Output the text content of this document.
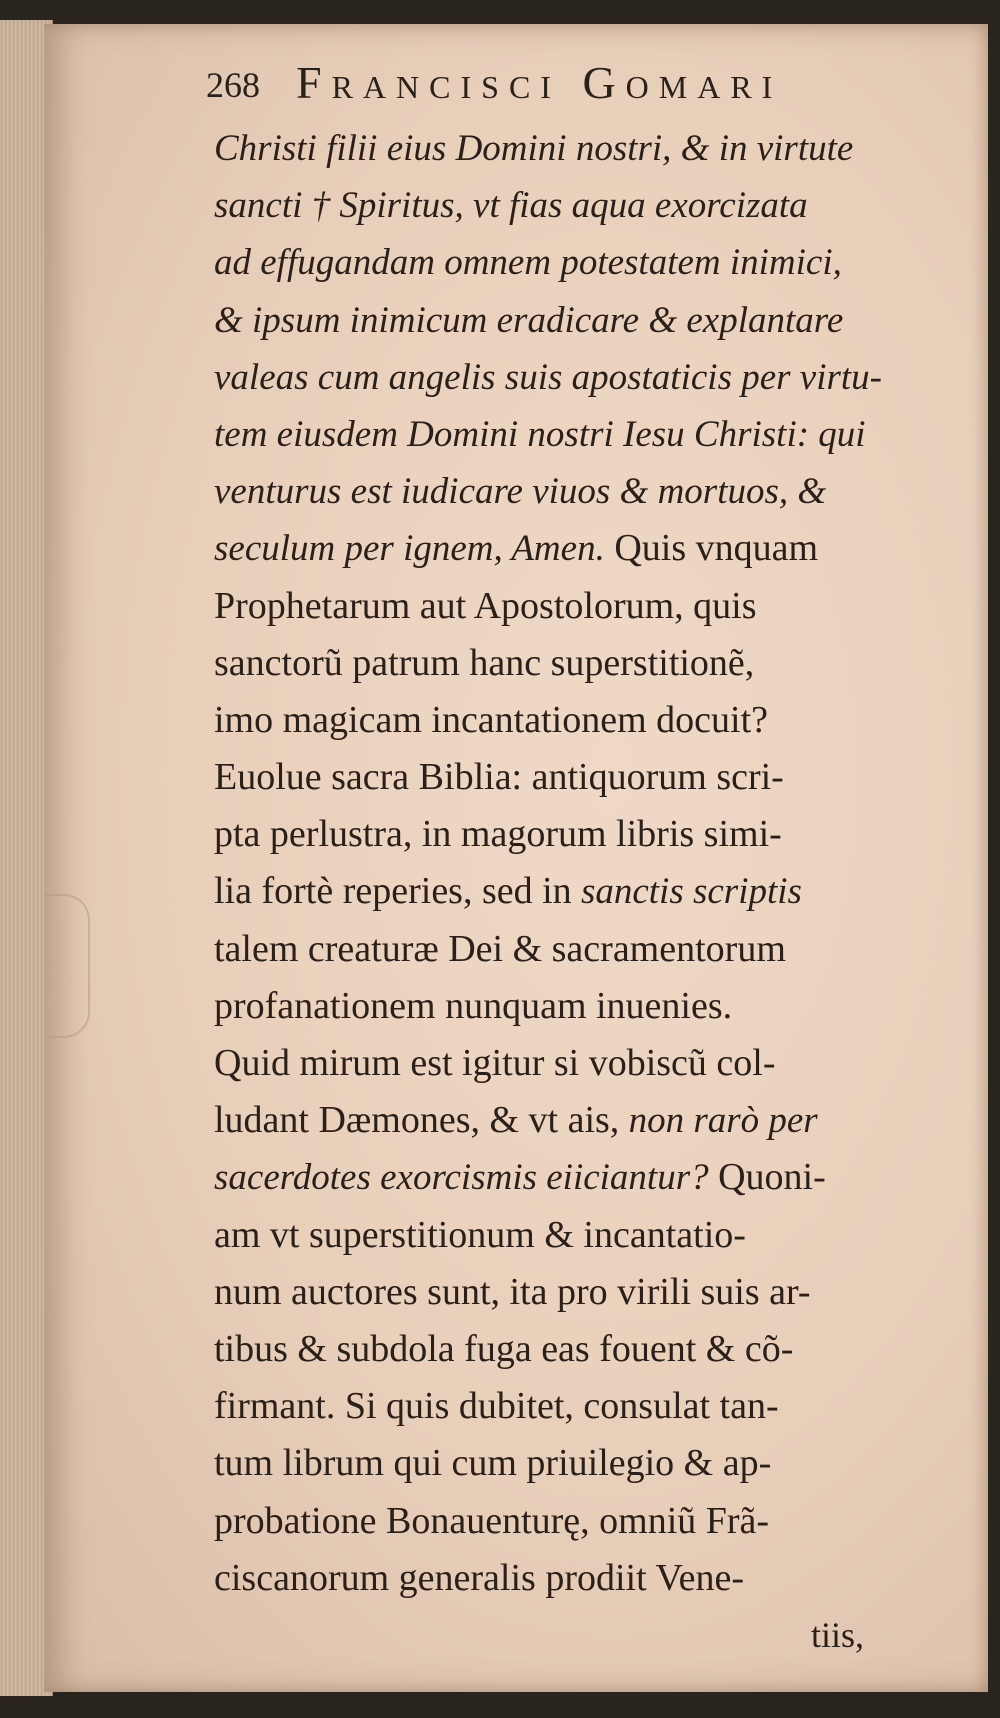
268 Francisci Gomari
Christi filii eius Domini nostri, & in virtute
sancti † Spiritus, vt fias aqua exorcizata
ad effugandam omnem potestatem inimici,
& ipsum inimicum eradicare & explantare
valeas cum angelis suis apostaticis per virtu-
tem eiusdem Domini nostri Iesu Christi: qui
venturus est iudicare viuos & mortuos, &
seculum per ignem, Amen. Quis vnquam
Prophetarum aut Apostolorum, quis
sanctorũ patrum hanc superstitionẽ,
imo magicam incantationem docuit?
Euolue sacra Biblia: antiquorum scri-
pta perlustra, in magorum libris simi-
lia fortè reperies, sed in sanctis scriptis
talem creaturæ Dei & sacramentorum
profanationem nunquam inuenies.
Quid mirum est igitur si vobiscũ col-
ludant Dæmones, & vt ais, non rarò per
sacerdotes exorcismis eiiciantur? Quoni-
am vt superstitionum & incantatio-
num auctores sunt, ita pro virili suis ar-
tibus & subdola fuga eas fouent & cõ-
firmant. Si quis dubitet, consulat tan-
tum librum qui cum priuilegio & ap-
probatione Bonauenturę, omniũ Frã-
ciscanorum generalis prodiit Vene-
tiis,
